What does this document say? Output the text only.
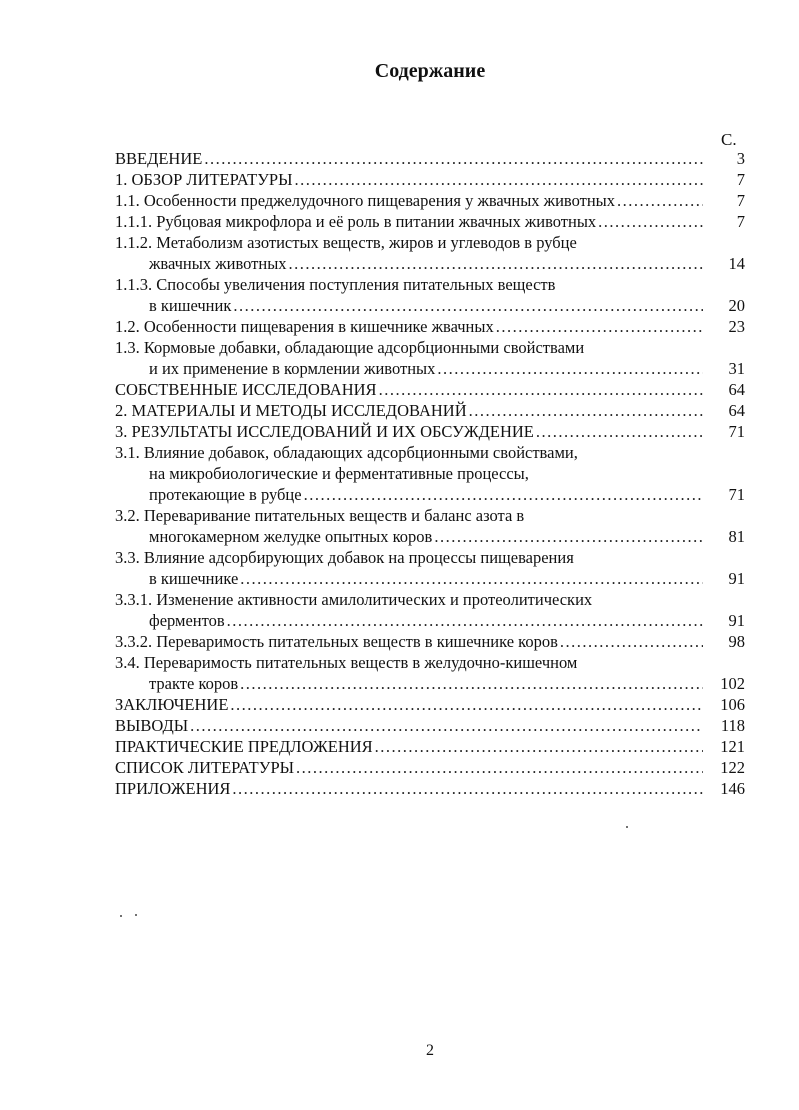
Содержание
С.
ВВЕДЕНИЕ .....	3
1. ОБЗОР ЛИТЕРАТУРЫ .....	7
1.1. Особенности преджелудочного пищеварения у жвачных животных .....	7
1.1.1. Рубцовая микрофлора и её роль в питании жвачных животных .....	7
1.1.2. Метаболизм азотистых веществ, жиров и углеводов в рубце
жвачных животных .....	14
1.1.3. Способы увеличения поступления питательных веществ
в кишечник .....	20
1.2. Особенности пищеварения в кишечнике жвачных .....	23
1.3. Кормовые добавки, обладающие адсорбционными свойствами
и их применение в кормлении животных .....	31
СОБСТВЕННЫЕ ИССЛЕДОВАНИЯ .....	64
2. МАТЕРИАЛЫ И МЕТОДЫ ИССЛЕДОВАНИЙ .....	64
3. РЕЗУЛЬТАТЫ ИССЛЕДОВАНИЙ И ИХ ОБСУЖДЕНИЕ .....	71
3.1. Влияние добавок, обладающих адсорбционными свойствами,
на микробиологические и ферментативные процессы,
протекающие в рубце .....	71
3.2. Переваривание питательных веществ и баланс азота в
многокамерном желудке опытных коров .....	81
3.3. Влияние адсорбирующих добавок на процессы пищеварения
в кишечнике .....	91
3.3.1. Изменение активности амилолитических и протеолитических
ферментов .....	91
3.3.2. Переваримость питательных веществ в кишечнике коров .....	98
3.4. Переваримость питательных веществ в желудочно-кишечном
тракте коров .....	102
ЗАКЛЮЧЕНИЕ .....	106
ВЫВОДЫ .....	118
ПРАКТИЧЕСКИЕ ПРЕДЛОЖЕНИЯ .....	121
СПИСОК ЛИТЕРАТУРЫ .....	122
ПРИЛОЖЕНИЯ .....	146
2
